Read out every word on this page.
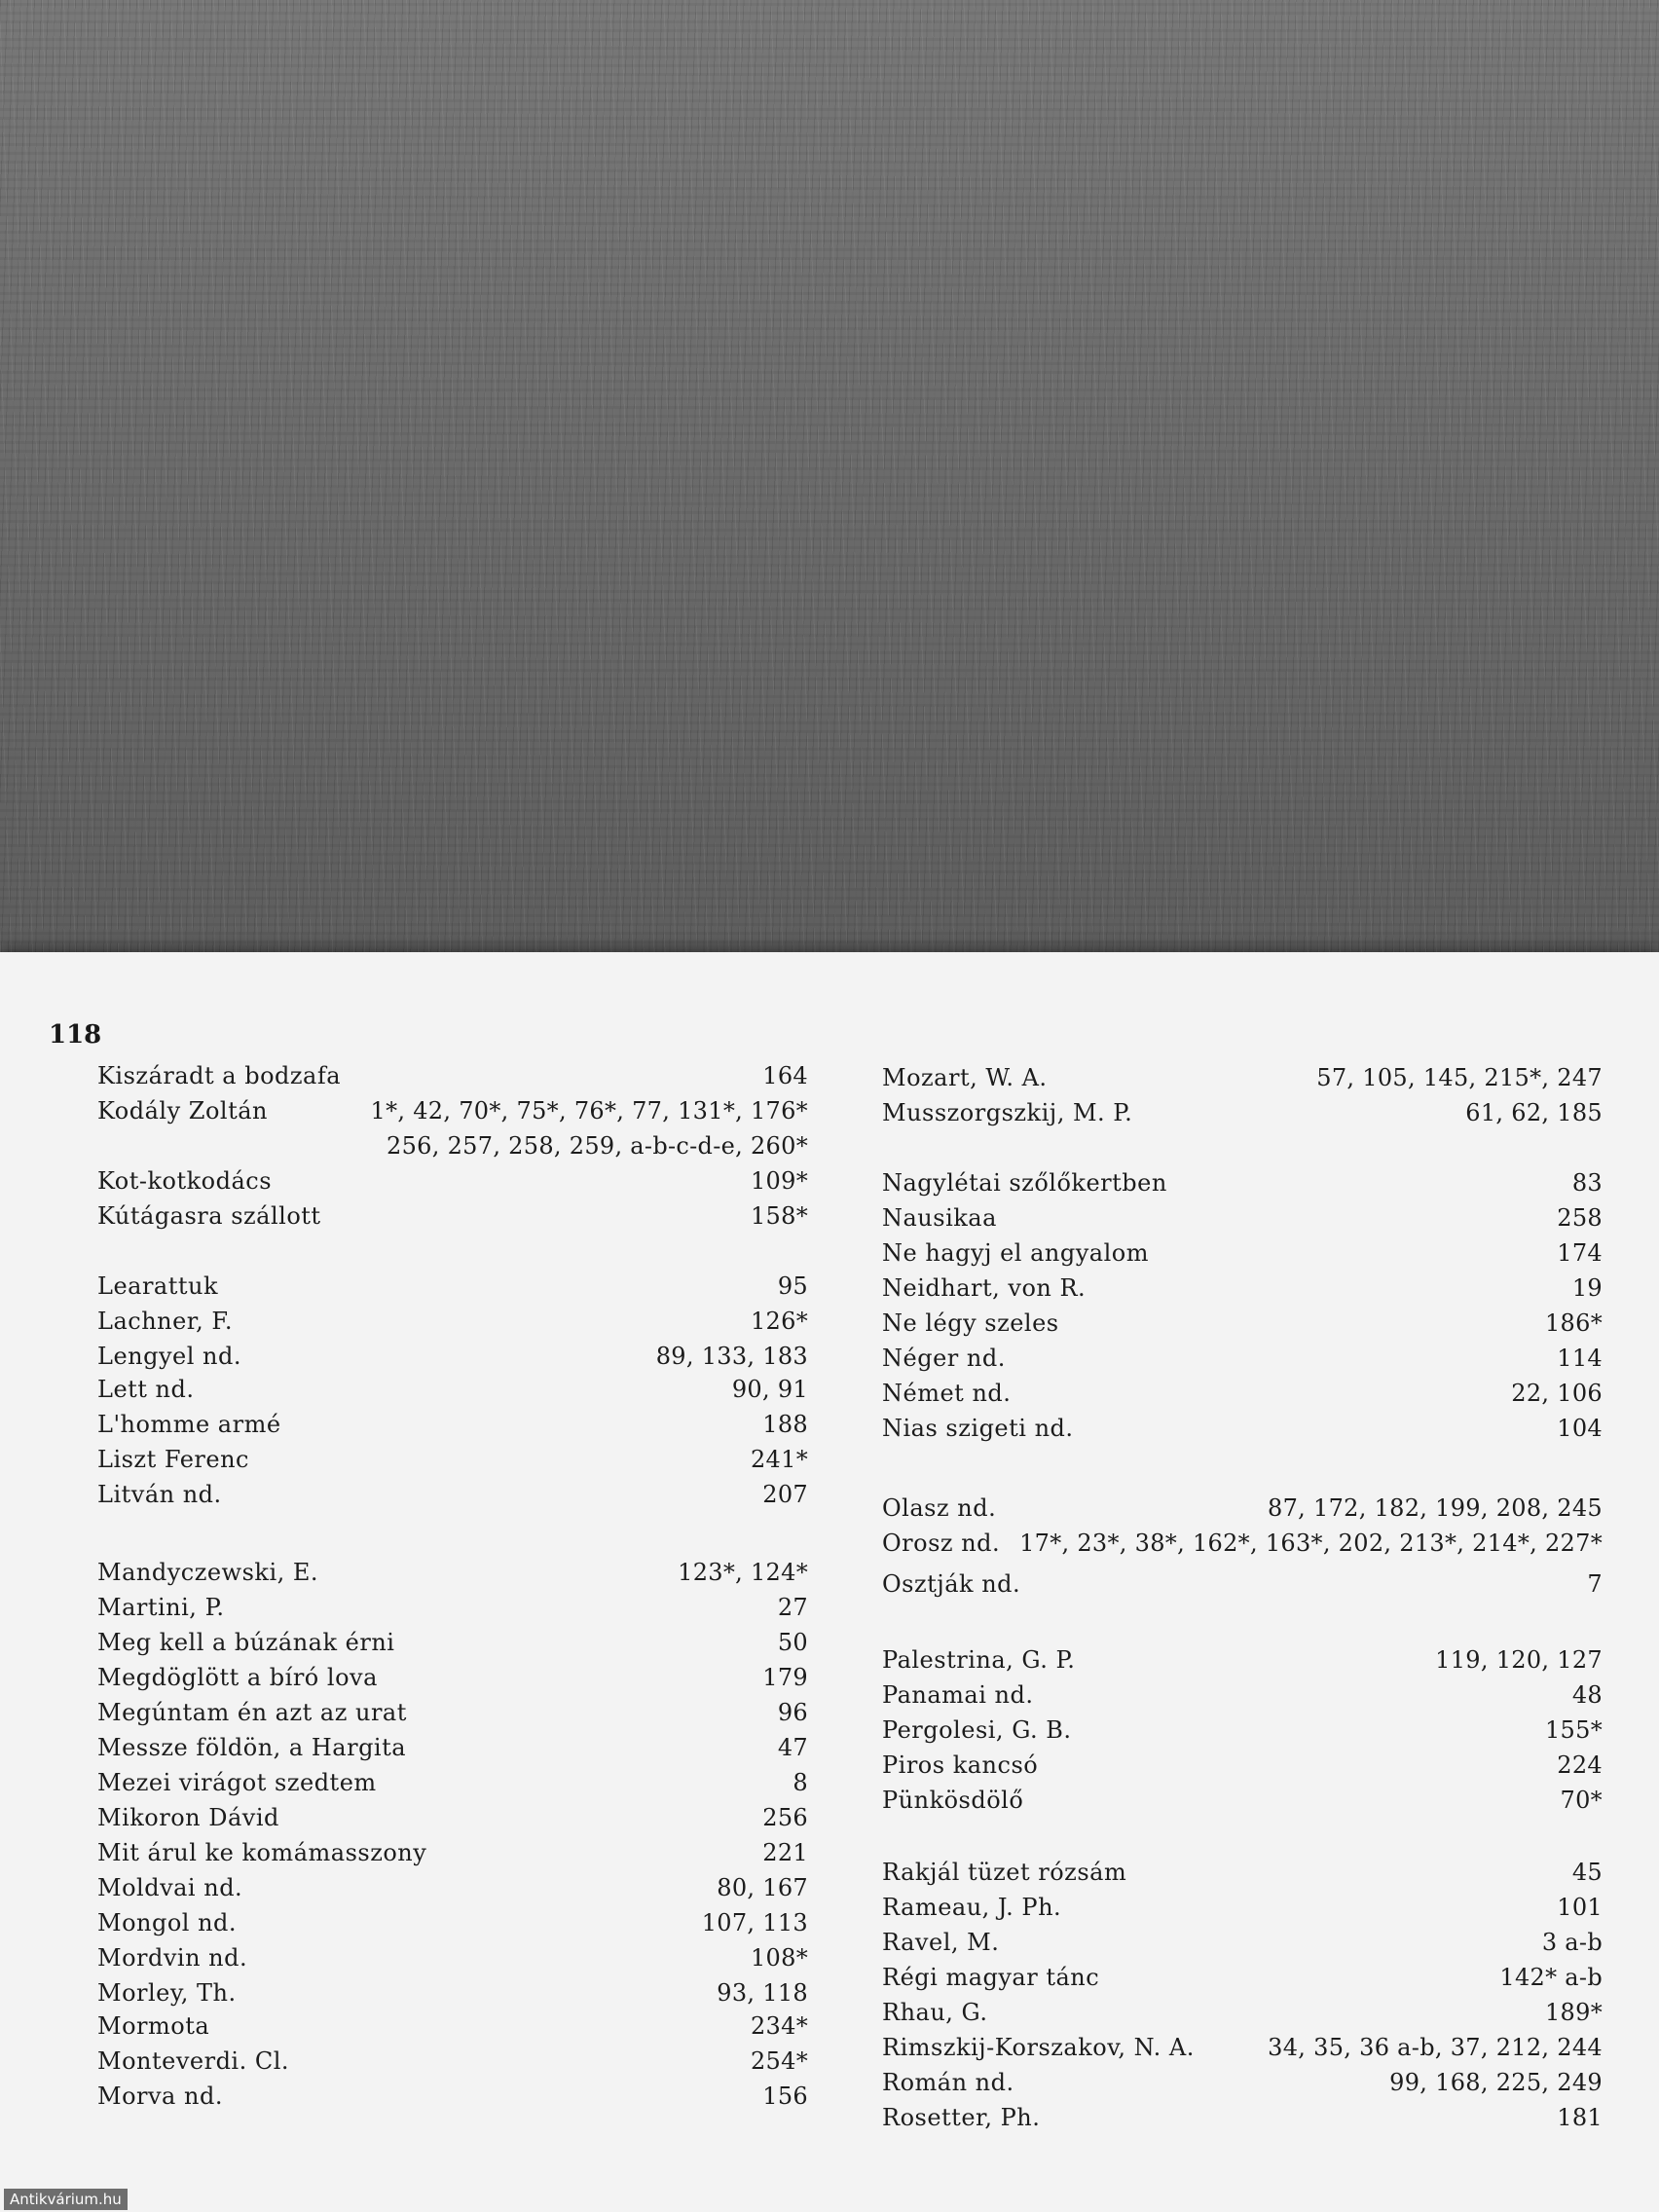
118
Kiszáradt a bodzafa	164
Kodály Zoltán	1*, 42, 70*, 75*, 76*, 77, 131*, 176*
256, 257, 258, 259, a-b-c-d-e, 260*
Kot-kotkodács	109*
Kútágasra szállott	158*
Learattuk	95
Lachner, F.	126*
Lengyel nd.	89, 133, 183
Lett nd.	90, 91
L'homme armé	188
Liszt Ferenc	241*
Litván nd.	207
Mandyczewski, E.	123*, 124*
Martini, P.	27
Meg kell a búzának érni	50
Megdöglött a bíró lova	179
Megúntam én azt az urat	96
Messze földön, a Hargita	47
Mezei virágot szedtem	8
Mikoron Dávid	256
Mit árul ke komámasszony	221
Moldvai nd.	80, 167
Mongol nd.	107, 113
Mordvin nd.	108*
Morley, Th.	93, 118
Mormota	234*
Monteverdi. Cl.	254*
Morva nd.	156
Mozart, W. A.	57, 105, 145, 215*, 247
Musszorgszkij, M. P.	61, 62, 185
Nagylétai szőlőkertben	83
Nausikaa	258
Ne hagyj el angyalom	174
Neidhart, von R.	19
Ne légy szeles	186*
Néger nd.	114
Német nd.	22, 106
Nias szigeti nd.	104
Olasz nd.	87, 172, 182, 199, 208, 245
Orosz nd. 17*, 23*, 38*, 162*, 163*, 202, 213*, 214*, 227*
Osztják nd.	7
Palestrina, G. P.	119, 120, 127
Panamai nd.	48
Pergolesi, G. B.	155*
Piros kancsó	224
Pünkösdölő	70*
Rakjál tüzet rózsám	45
Rameau, J. Ph.	101
Ravel, M.	3 a-b
Régi magyar tánc	142* a-b
Rhau, G.	189*
Rimszkij-Korszakov, N. A.	34, 35, 36 a-b, 37, 212, 244
Román nd.	99, 168, 225, 249
Rosetter, Ph.	181
Antikvárium.hu
